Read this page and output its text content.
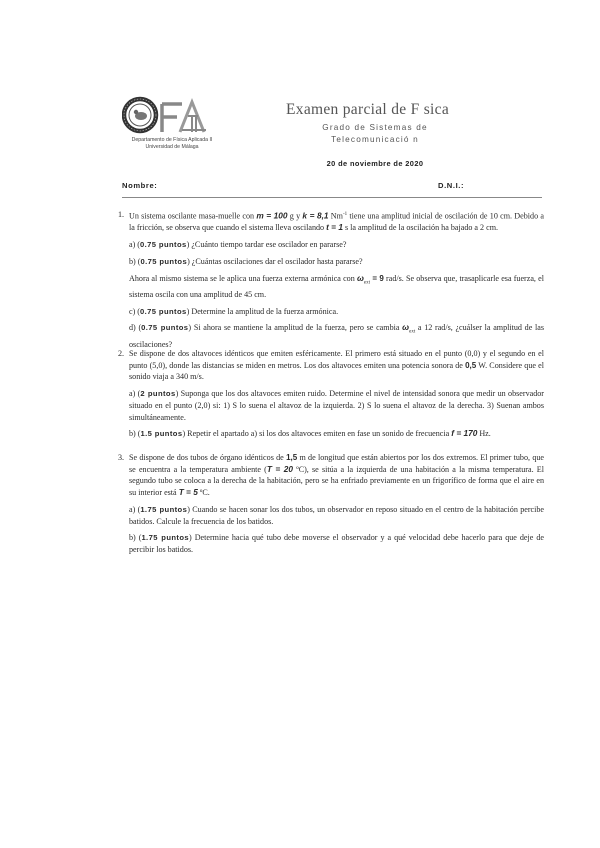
Departamento de Física Aplicada II
Universidad de Málaga
Examen parcial de F sica
Grado de Sistemas de
Telecomunicació n
20 de noviembre de 2020
Nombre:	D.N.I.:
1. Un sistema oscilante masa-muelle con m = 100 g y k = 8,1 $Nm^{-1}$ tiene una amplitud inicial de oscilación de 10 cm. Debido a la fricción, se observa que cuando el sistema lleva oscilando t = 1 s la amplitud de la oscilación ha bajado a 2 cm.

a) (0.75 puntos) ¿Cuánto tiempo tardar ese oscilador en pararse?

b) (0.75 puntos) ¿Cuántas oscilaciones dar el oscilador hasta pararse?

Ahora al mismo sistema se le aplica una fuerza externa armónica con $\omega_{ext} = 9$ rad/s. Se observa que, trasaplicarle esa fuerza, el sistema oscila con una amplitud de 45 cm.

c) (0.75 puntos) Determine la amplitud de la fuerza armónica.

d) (0.75 puntos) Si ahora se mantiene la amplitud de la fuerza, pero se cambia $\omega_{ext}$ a 12 rad/s, ¿cuálser la amplitud de las oscilaciones?

2. Se dispone de dos altavoces idénticos que emiten esféricamente. El primero está situado en el punto (0,0) y el segundo en el punto (5,0), donde las distancias se miden en metros. Los dos altavoces emiten una potencia sonora de 0,5 W. Considere que el sonido viaja a 340 m/s.

a) (2 puntos) Suponga que los dos altavoces emiten ruido. Determine el nivel de intensidad sonora que medir un observador situado en el punto (2,0) si: 1) S lo suena el altavoz de la izquierda. 2) S lo suena el altavoz de la derecha. 3) Suenan ambos simultáneamente.

b) (1.5 puntos) Repetir el apartado a) si los dos altavoces emiten en fase un sonido de frecuencia f = 170 Hz.

3. Se dispone de dos tubos de órgano idénticos de 1,5 m de longitud que están abiertos por los dos extremos. El primer tubo, que se encuentra a la temperatura ambiente (T = 20 ºC), se sitúa a la izquierda de una habitación a la misma temperatura. El segundo tubo se coloca a la derecha de la habitación, pero se ha enfriado previamente en un frigorífico de forma que el aire en su interior está T = 5 ºC.

a) (1.75 puntos) Cuando se hacen sonar los dos tubos, un observador en reposo situado en el centro de la habitación percibe batidos. Calcule la frecuencia de los batidos.

b) (1.75 puntos) Determine hacia qué tubo debe moverse el observador y a qué velocidad debe hacerlo para que deje de percibir los batidos.
